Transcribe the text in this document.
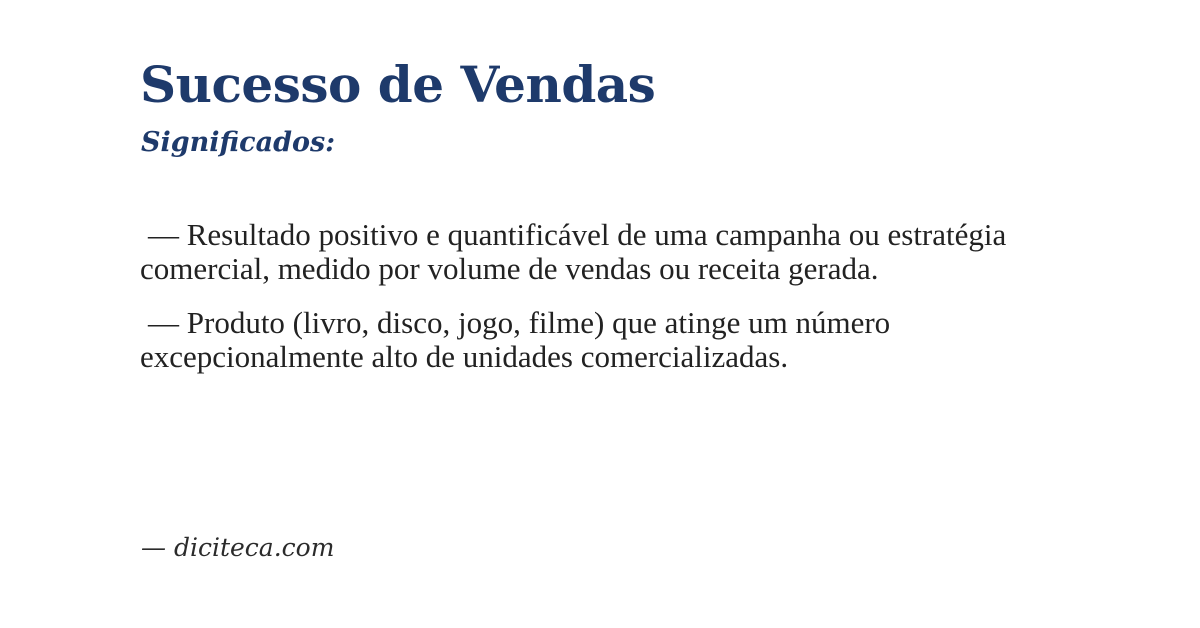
Sucesso de Vendas
Significados:

— Resultado positivo e quantificável de uma campanha ou estratégia comercial, medido por volume de vendas ou receita gerada.

— Produto (livro, disco, jogo, filme) que atinge um número excepcionalmente alto de unidades comercializadas.

— diciteca.com
